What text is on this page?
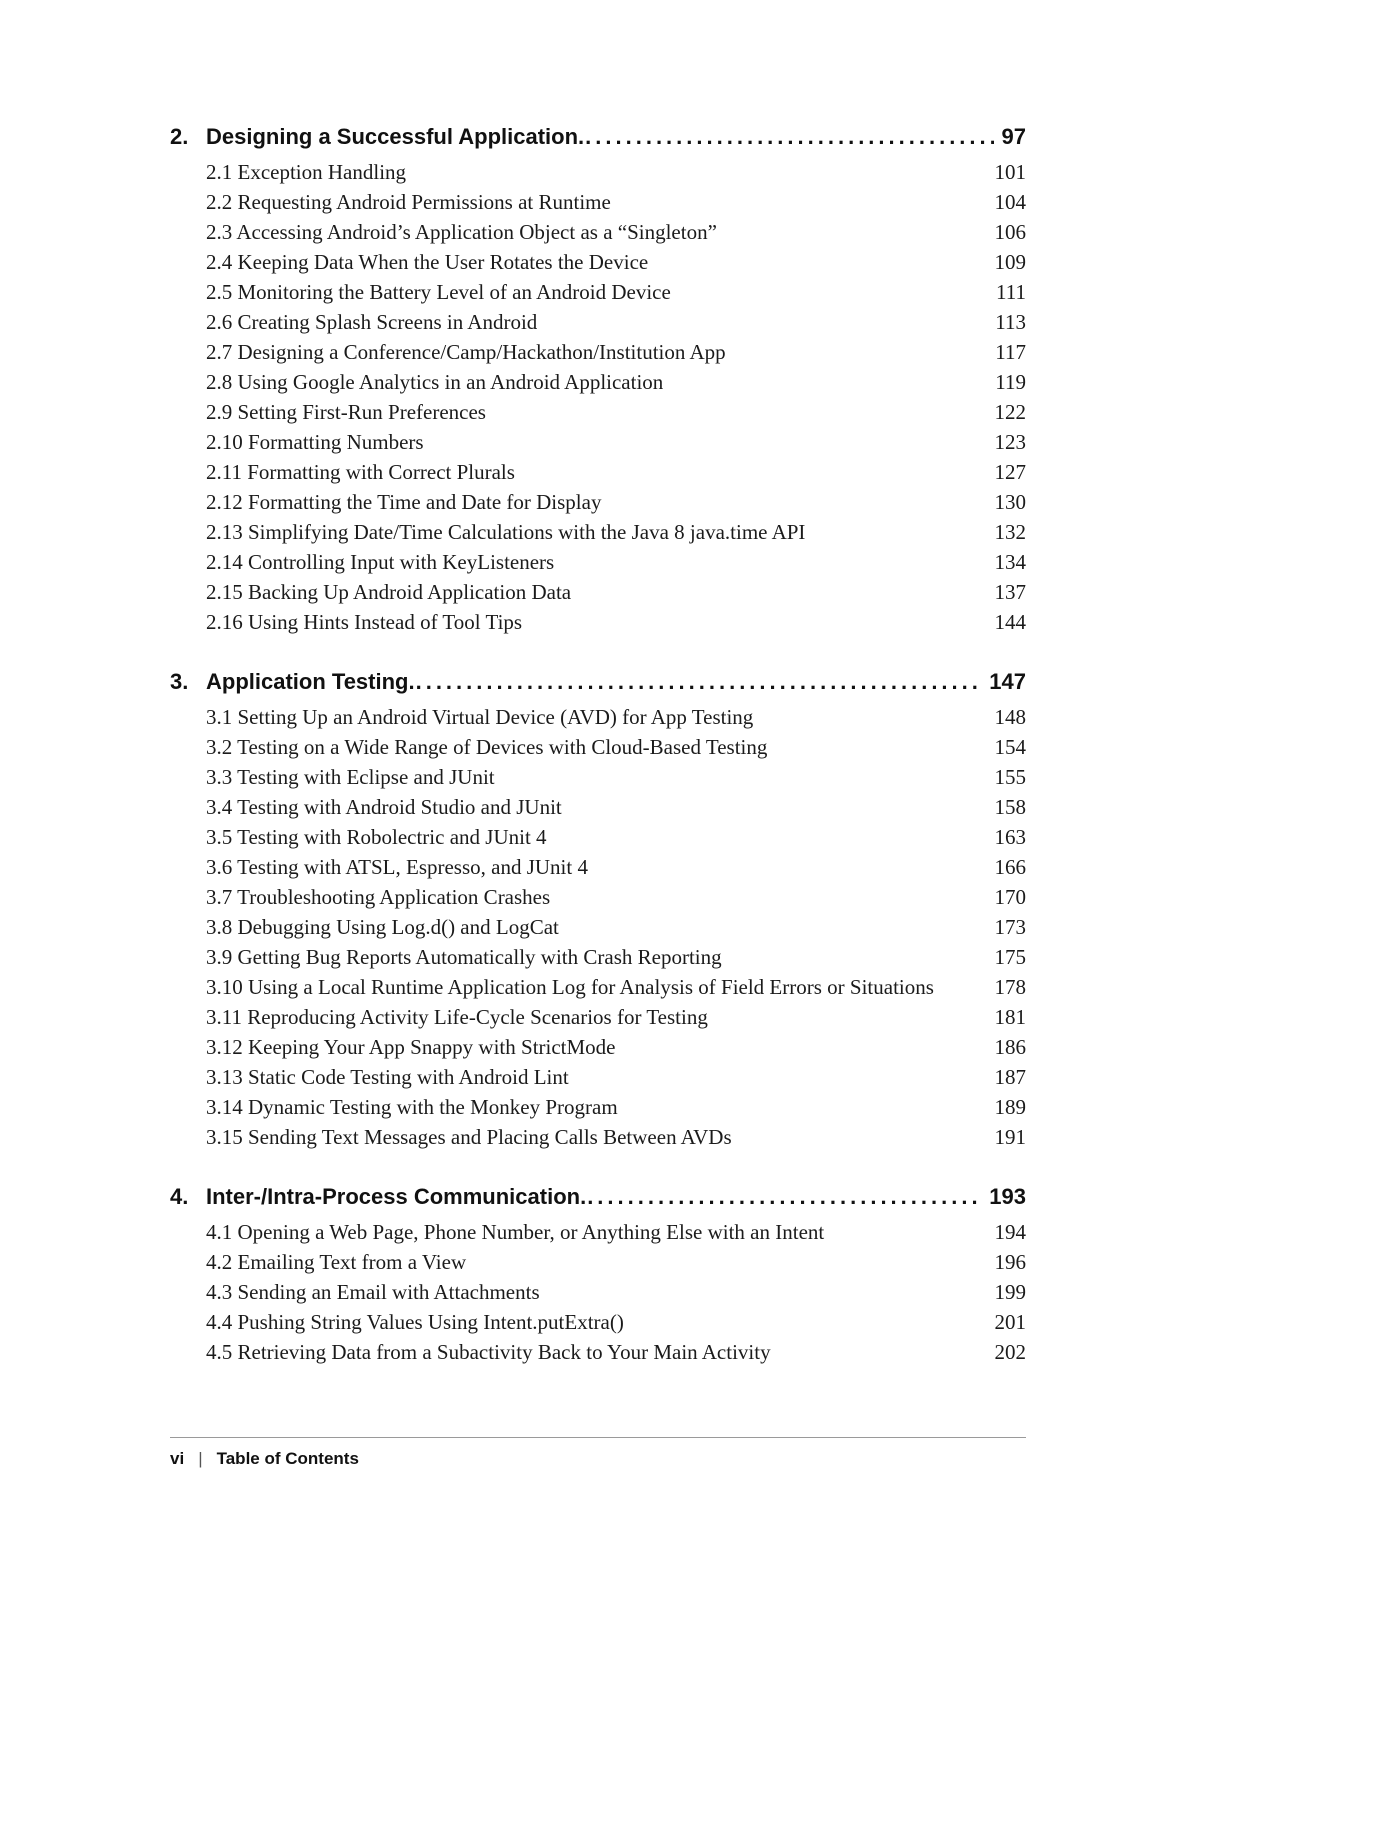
2. Designing a Successful Application. .....	97
2.1 Exception Handling	101
2.2 Requesting Android Permissions at Runtime	104
2.3 Accessing Android’s Application Object as a “Singleton”	106
2.4 Keeping Data When the User Rotates the Device	109
2.5 Monitoring the Battery Level of an Android Device	111
2.6 Creating Splash Screens in Android	113
2.7 Designing a Conference/Camp/Hackathon/Institution App	117
2.8 Using Google Analytics in an Android Application	119
2.9 Setting First-Run Preferences	122
2.10 Formatting Numbers	123
2.11 Formatting with Correct Plurals	127
2.12 Formatting the Time and Date for Display	130
2.13 Simplifying Date/Time Calculations with the Java 8 java.time API	132
2.14 Controlling Input with KeyListeners	134
2.15 Backing Up Android Application Data	137
2.16 Using Hints Instead of Tool Tips	144
3. Application Testing. .....	147
3.1 Setting Up an Android Virtual Device (AVD) for App Testing	148
3.2 Testing on a Wide Range of Devices with Cloud-Based Testing	154
3.3 Testing with Eclipse and JUnit	155
3.4 Testing with Android Studio and JUnit	158
3.5 Testing with Robolectric and JUnit 4	163
3.6 Testing with ATSL, Espresso, and JUnit 4	166
3.7 Troubleshooting Application Crashes	170
3.8 Debugging Using Log.d() and LogCat	173
3.9 Getting Bug Reports Automatically with Crash Reporting	175
3.10 Using a Local Runtime Application Log for Analysis of Field Errors or Situations	178
3.11 Reproducing Activity Life-Cycle Scenarios for Testing	181
3.12 Keeping Your App Snappy with StrictMode	186
3.13 Static Code Testing with Android Lint	187
3.14 Dynamic Testing with the Monkey Program	189
3.15 Sending Text Messages and Placing Calls Between AVDs	191
4. Inter-/Intra-Process Communication. .....	193
4.1 Opening a Web Page, Phone Number, or Anything Else with an Intent	194
4.2 Emailing Text from a View	196
4.3 Sending an Email with Attachments	199
4.4 Pushing String Values Using Intent.putExtra()	201
4.5 Retrieving Data from a Subactivity Back to Your Main Activity	202
vi | Table of Contents
